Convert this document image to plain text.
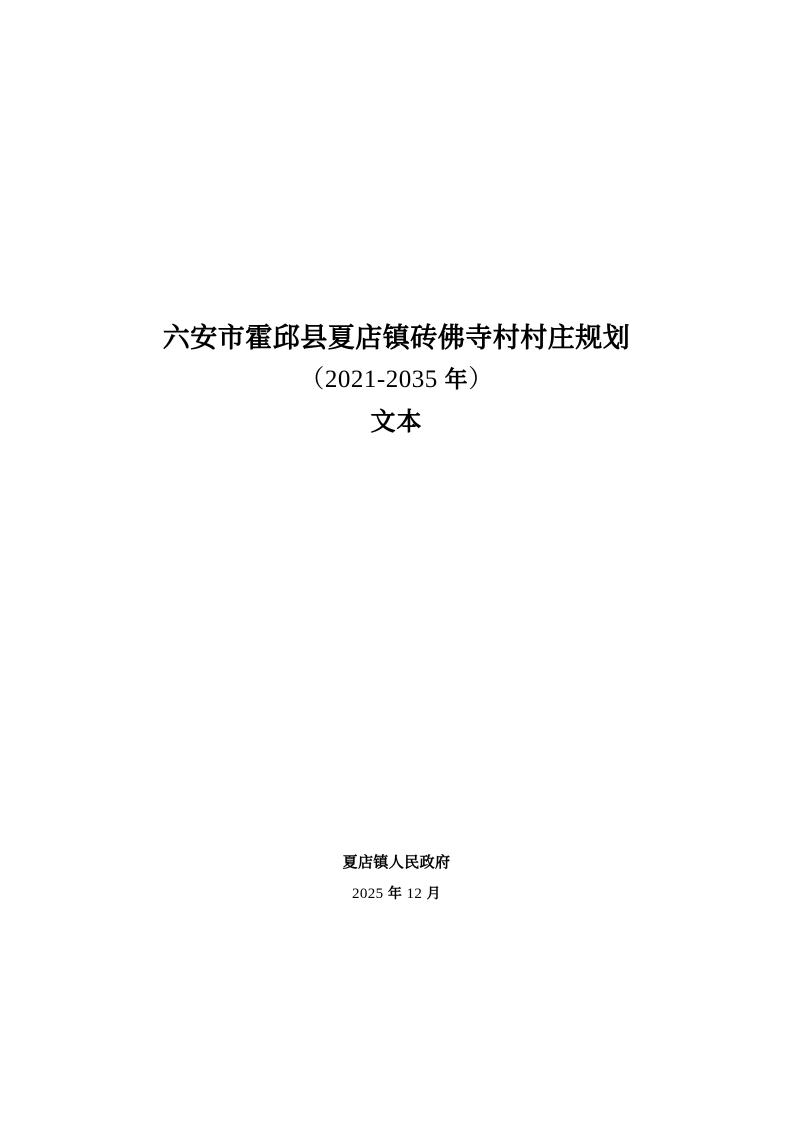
六安市霍邱县夏店镇砖佛寺村村庄规划
（2021-2035 年）
文本
夏店镇人民政府
2025 年 12 月
